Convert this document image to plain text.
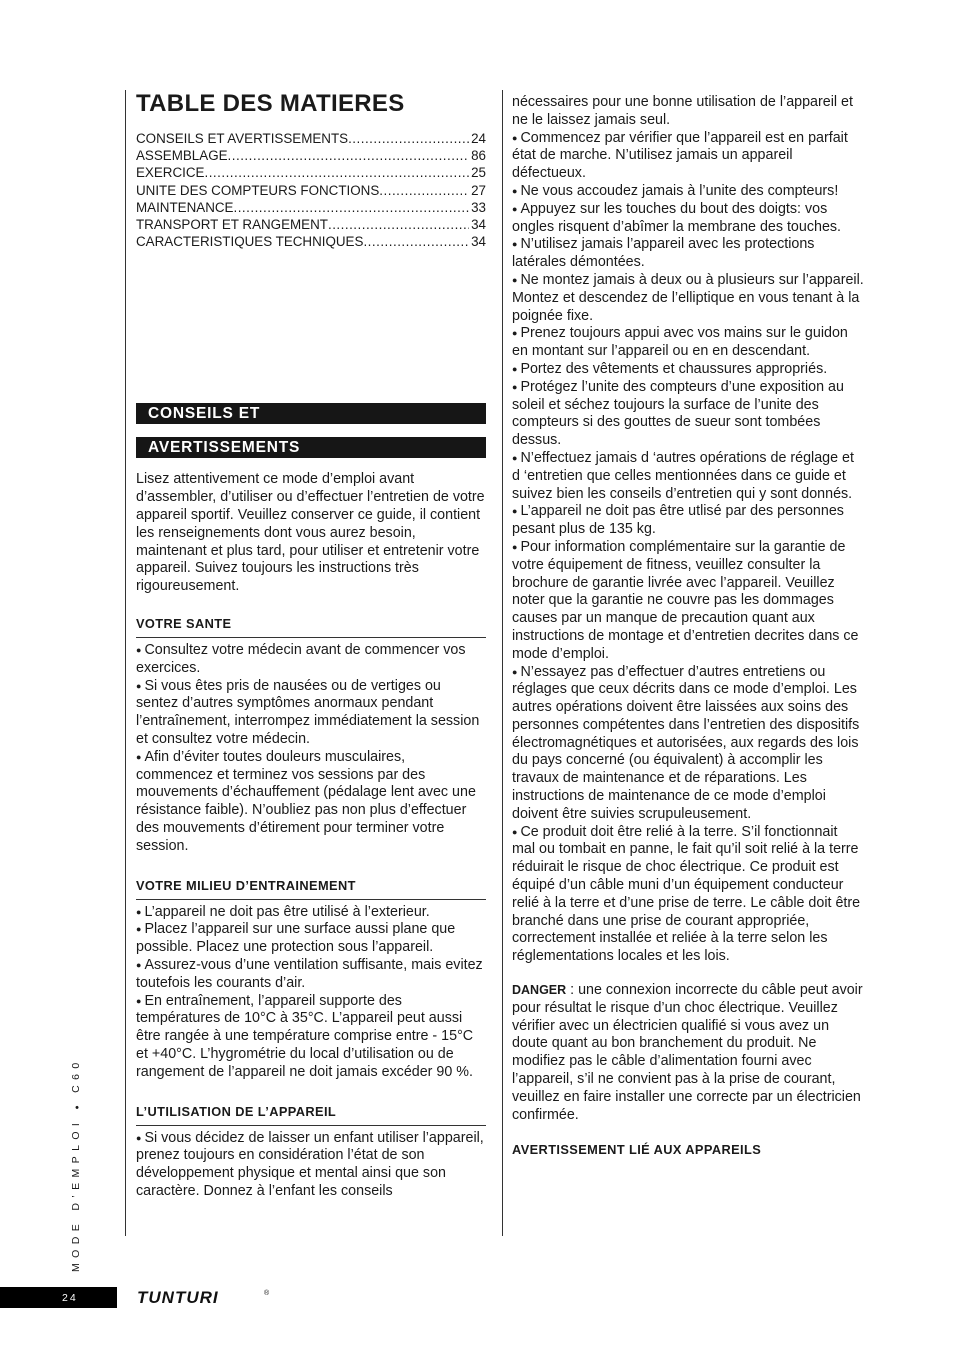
TABLE DES MATIERES
CONSEILS ET AVERTISSEMENTS .....	24
ASSEMBLAGE .....	86
EXERCICE .....	25
UNITE DES COMPTEURS FONCTIONS .....	27
MAINTENANCE .....	33
TRANSPORT ET RANGEMENT .....	34
CARACTERISTIQUES TECHNIQUES .....	34
CONSEILS ET
AVERTISSEMENTS

Lisez attentivement ce mode d’emploi avant d’assembler, d’utiliser ou d’effectuer l’entretien de votre appareil sportif. Veuillez conserver ce guide, il contient les renseignements dont vous aurez besoin, maintenant et plus tard, pour utiliser et entretenir votre appareil. Suivez toujours les instructions très rigoureusement.

VOTRE SANTE

● Consultez votre médecin avant de commencer vos exercices.

● Si vous êtes pris de nausées ou de vertiges ou sentez d’autres symptômes anormaux pendant l’entraînement, interrompez immédiatement la session et consultez votre médecin.

● Afin d’éviter toutes douleurs musculaires, commencez et terminez vos sessions par des mouvements d’échauffement (pédalage lent avec une résistance faible). N’oubliez pas non plus d’effectuer des mouvements d’étirement pour terminer votre session.

VOTRE MILIEU D’ENTRAINEMENT

● L’appareil ne doit pas être utilisé à l’exterieur.

● Placez l’appareil sur une surface aussi plane que possible. Placez une protection sous l’appareil.

● Assurez-vous d’une ventilation suffisante, mais evitez toutefois les courants d’air.

● En entraînement, l’appareil supporte des températures de 10°C à 35°C. L’appareil peut aussi être rangée à une température comprise entre - 15°C et +40°C. L’hygrométrie du local d’utilisation ou de rangement de l’appareil ne doit jamais excéder 90 %.

L’UTILISATION DE L’APPAREIL

● Si vous décidez de laisser un enfant utiliser l’appareil, prenez toujours en considération l’état de son développement physique et mental ainsi que son caractère. Donnez à l’enfant les conseils

nécessaires pour une bonne utilisation de l’appareil et ne le laissez jamais seul.

● Commencez par vérifier que l’appareil est en parfait état de marche. N’utilisez jamais un appareil défectueux.

● Ne vous accoudez jamais à l’unite des compteurs!

● Appuyez sur les touches du bout des doigts: vos ongles risquent d’abîmer la membrane des touches.

● N’utilisez jamais l’appareil avec les protections latérales démontées.

● Ne montez jamais à deux ou à plusieurs sur l’appareil. Montez et descendez de l’elliptique en vous tenant à la poignée fixe.

● Prenez toujours appui avec vos mains sur le guidon en montant sur l’appareil ou en en descendant.

● Portez des vêtements et chaussures appropriés.

● Protégez l’unite des compteurs d’une exposition au soleil et séchez toujours la surface de l’unite des compteurs si des gouttes de sueur sont tombées dessus.

● N’effectuez jamais d ‘autres opérations de réglage et d ‘entretien que celles mentionnées dans ce guide et suivez bien les conseils d’entretien qui y sont donnés.

● L’appareil ne doit pas être utlisé par des personnes pesant plus de 135 kg.

● Pour information complémentaire sur la garantie de votre équipement de fitness, veuillez consulter la brochure de garantie livrée avec l’appareil. Veuillez noter que la garantie ne couvre pas les dommages causes par un manque de precaution quant aux instructions de montage et d’entretien decrites dans ce mode d’emploi.

● N’essayez pas d’effectuer d’autres entretiens ou réglages que ceux décrits dans ce mode d’emploi. Les autres opérations doivent être laissées aux soins des personnes compétentes dans l’entretien des dispositifs électromagnétiques et autorisées, aux regards des lois du pays concerné (ou équivalent) à accomplir les travaux de maintenance et de réparations. Les instructions de maintenance de ce mode d’emploi doivent être suivies scrupuleusement.

● Ce produit doit être relié à la terre. S’il fonctionnait mal ou tombait en panne, le fait qu’il soit relié à la terre réduirait le risque de choc électrique. Ce produit est équipé d’un câble muni d’un équipement conducteur relié à la terre et d’une prise de terre. Le câble doit être branché dans une prise de courant appropriée, correctement installée et reliée à la terre selon les réglementations locales et les lois.

DANGER : une connexion incorrecte du câble peut avoir pour résultat le risque d’un choc électrique. Veuillez vérifier avec un électricien qualifié si vous avez un doute quant au bon branchement du produit. Ne modifiez pas le câble d’alimentation fourni avec l’appareil, s’il ne convient pas à la prise de courant, veuillez en faire installer une correcte par un électricien confirmée.

AVERTISSEMENT LIÉ AUX APPAREILS
MODE D’EMPLOI ● C60
24	TUNTURI	®
